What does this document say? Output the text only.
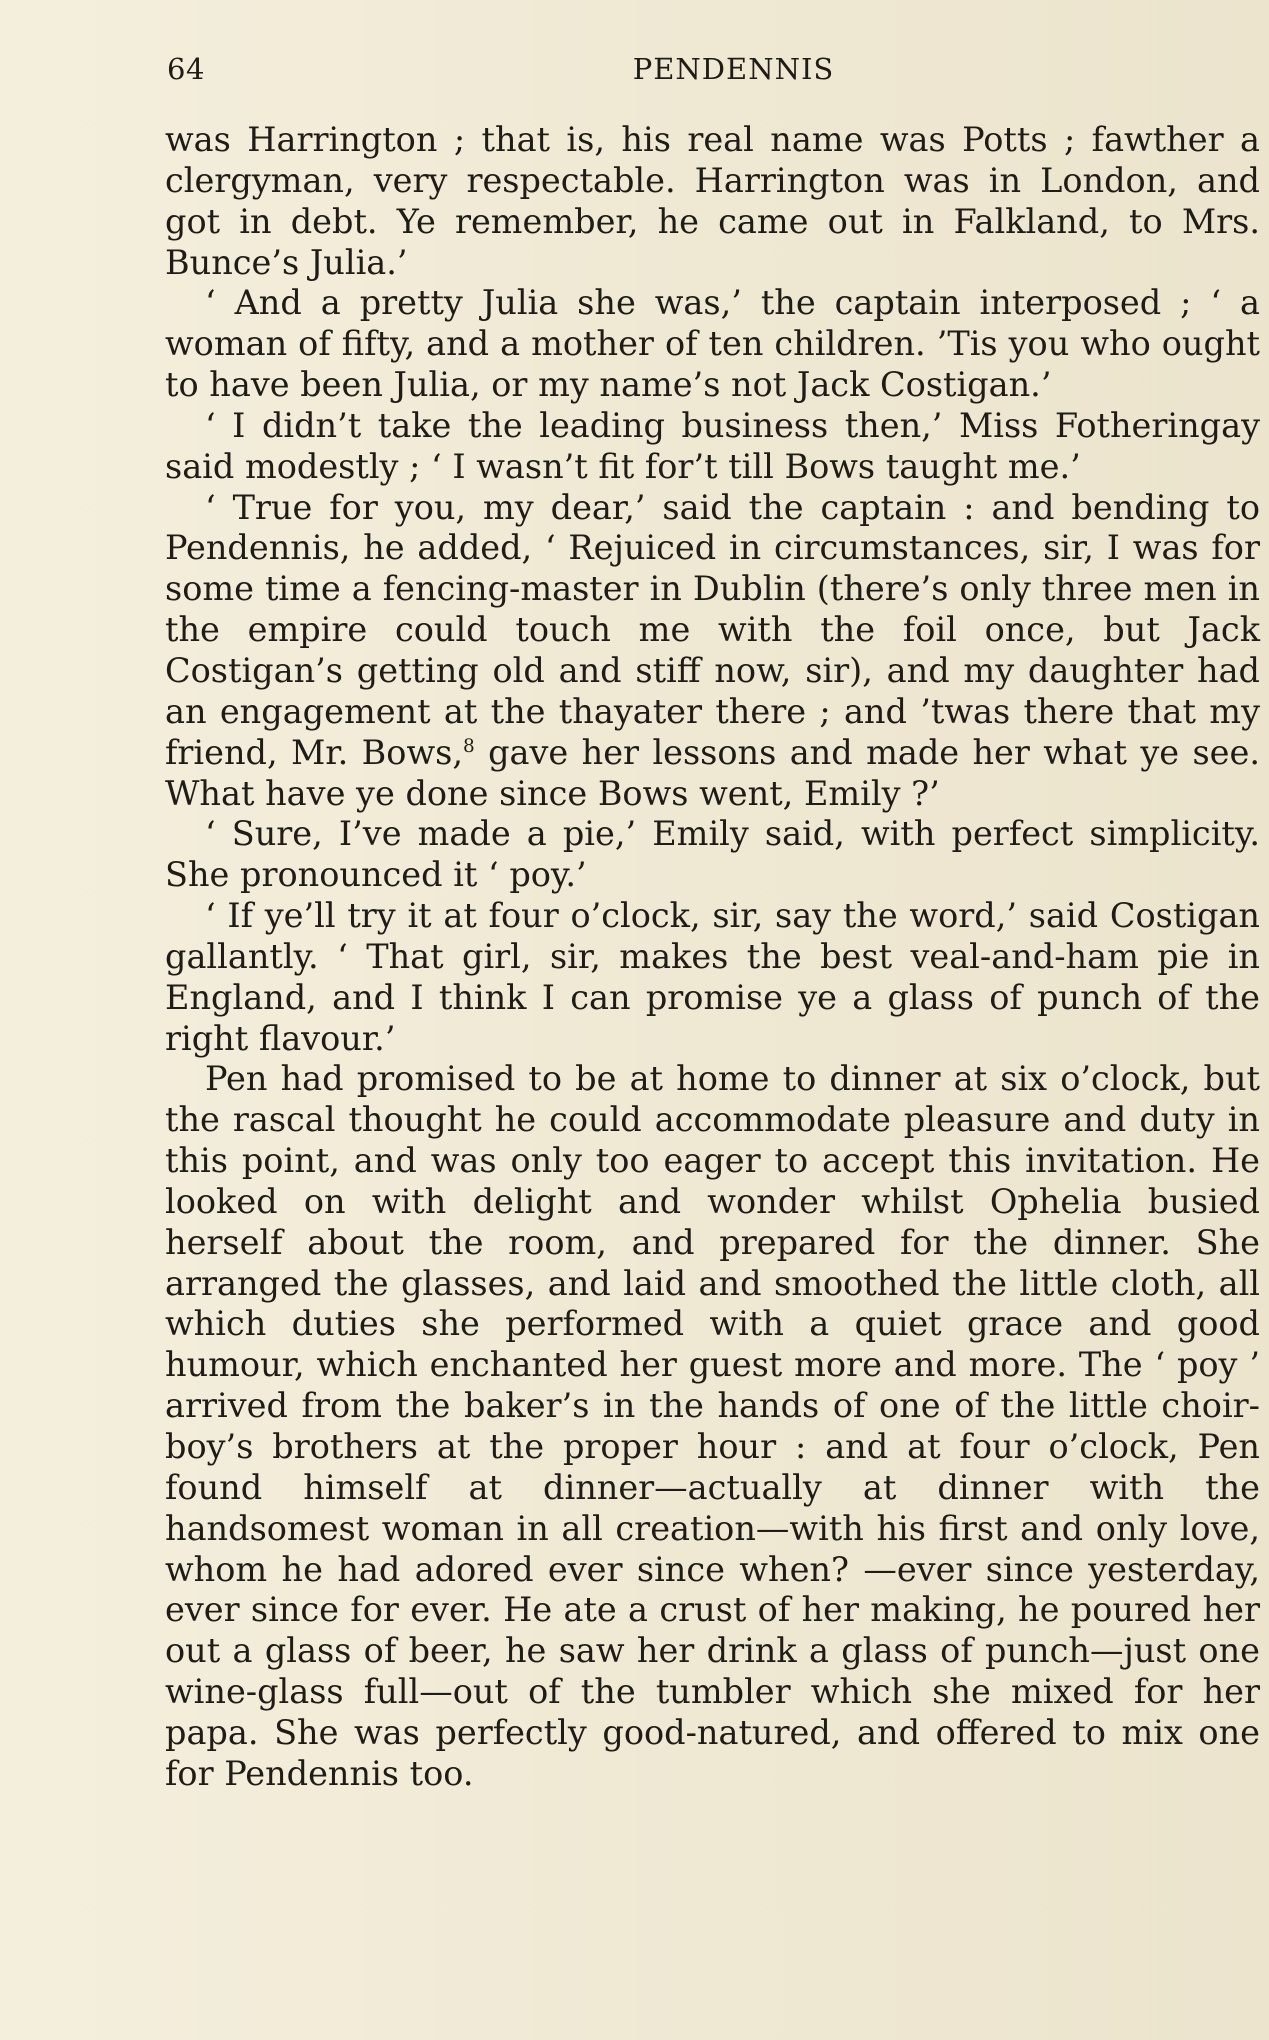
64	PENDENNIS

was Harrington ; that is, his real name was Potts ; fawther a clergyman, very respectable. Harrington was in London, and got in debt. Ye remember, he came out in Falkland, to Mrs. Bunce’s Julia.’

‘ And a pretty Julia she was,’ the captain interposed ; ‘ a woman of fifty, and a mother of ten children. ’Tis you who ought to have been Julia, or my name’s not Jack Costigan.’

‘ I didn’t take the leading business then,’ Miss Fotheringay said modestly ; ‘ I wasn’t fit for’t till Bows taught me.’

‘ True for you, my dear,’ said the captain : and bending to Pendennis, he added, ‘ Rejuiced in circumstances, sir, I was for some time a fencing-master in Dublin (there’s only three men in the empire could touch me with the foil once, but Jack Costigan’s getting old and stiff now, sir), and my daughter had an engagement at the thayater there ; and ’twas there that my friend, Mr. Bows,$^8$ gave her lessons and made her what ye see. What have ye done since Bows went, Emily ?’

‘ Sure, I’ve made a pie,’ Emily said, with perfect simplicity. She pronounced it ‘ poy.’

‘ If ye’ll try it at four o’clock, sir, say the word,’ said Costigan gallantly. ‘ That girl, sir, makes the best veal-and-ham pie in England, and I think I can promise ye a glass of punch of the right flavour.’

Pen had promised to be at home to dinner at six o’clock, but the rascal thought he could accommodate pleasure and duty in this point, and was only too eager to accept this invitation. He looked on with delight and wonder whilst Ophelia busied herself about the room, and prepared for the dinner. She arranged the glasses, and laid and smoothed the little cloth, all which duties she performed with a quiet grace and good humour, which enchanted her guest more and more. The ‘ poy ’ arrived from the baker’s in the hands of one of the little choir-boy’s brothers at the proper hour : and at four o’clock, Pen found himself at dinner—actually at dinner with the handsomest woman in all creation—with his first and only love, whom he had adored ever since when? —ever since yesterday, ever since for ever. He ate a crust of her making, he poured her out a glass of beer, he saw her drink a glass of punch—just one wine-glass full—out of the tumbler which she mixed for her papa. She was perfectly good-natured, and offered to mix one for Pendennis too.
